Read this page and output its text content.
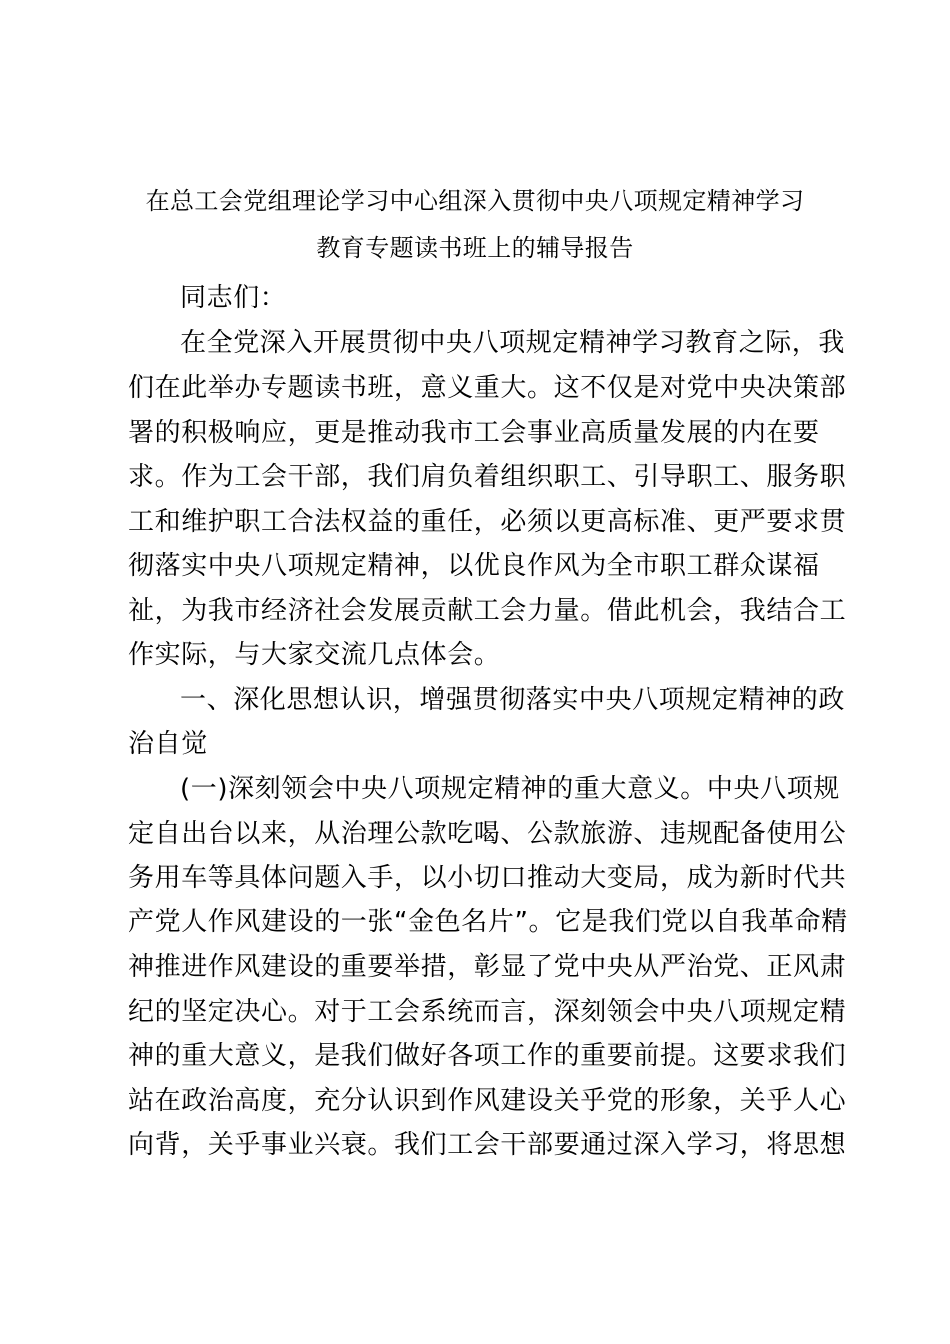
在总工会党组理论学习中心组深入贯彻中央八项规定精神学习
教育专题读书班上的辅导报告
同志们：
在全党深入开展贯彻中央八项规定精神学习教育之际，我
们在此举办专题读书班，意义重大。这不仅是对党中央决策部
署的积极响应，更是推动我市工会事业高质量发展的内在要
求。作为工会干部，我们肩负着组织职工、引导职工、服务职
工和维护职工合法权益的重任，必须以更高标准、更严要求贯
彻落实中央八项规定精神，以优良作风为全市职工群众谋福
祉，为我市经济社会发展贡献工会力量。借此机会，我结合工
作实际，与大家交流几点体会。
一、深化思想认识，增强贯彻落实中央八项规定精神的政
治自觉
(一)深刻领会中央八项规定精神的重大意义。中央八项规
定自出台以来，从治理公款吃喝、公款旅游、违规配备使用公
务用车等具体问题入手，以小切口推动大变局，成为新时代共
产党人作风建设的一张“金色名片”。它是我们党以自我革命精
神推进作风建设的重要举措，彰显了党中央从严治党、正风肃
纪的坚定决心。对于工会系统而言，深刻领会中央八项规定精
神的重大意义，是我们做好各项工作的重要前提。这要求我们
站在政治高度，充分认识到作风建设关乎党的形象，关乎人心
向背，关乎事业兴衰。我们工会干部要通过深入学习，将思想
